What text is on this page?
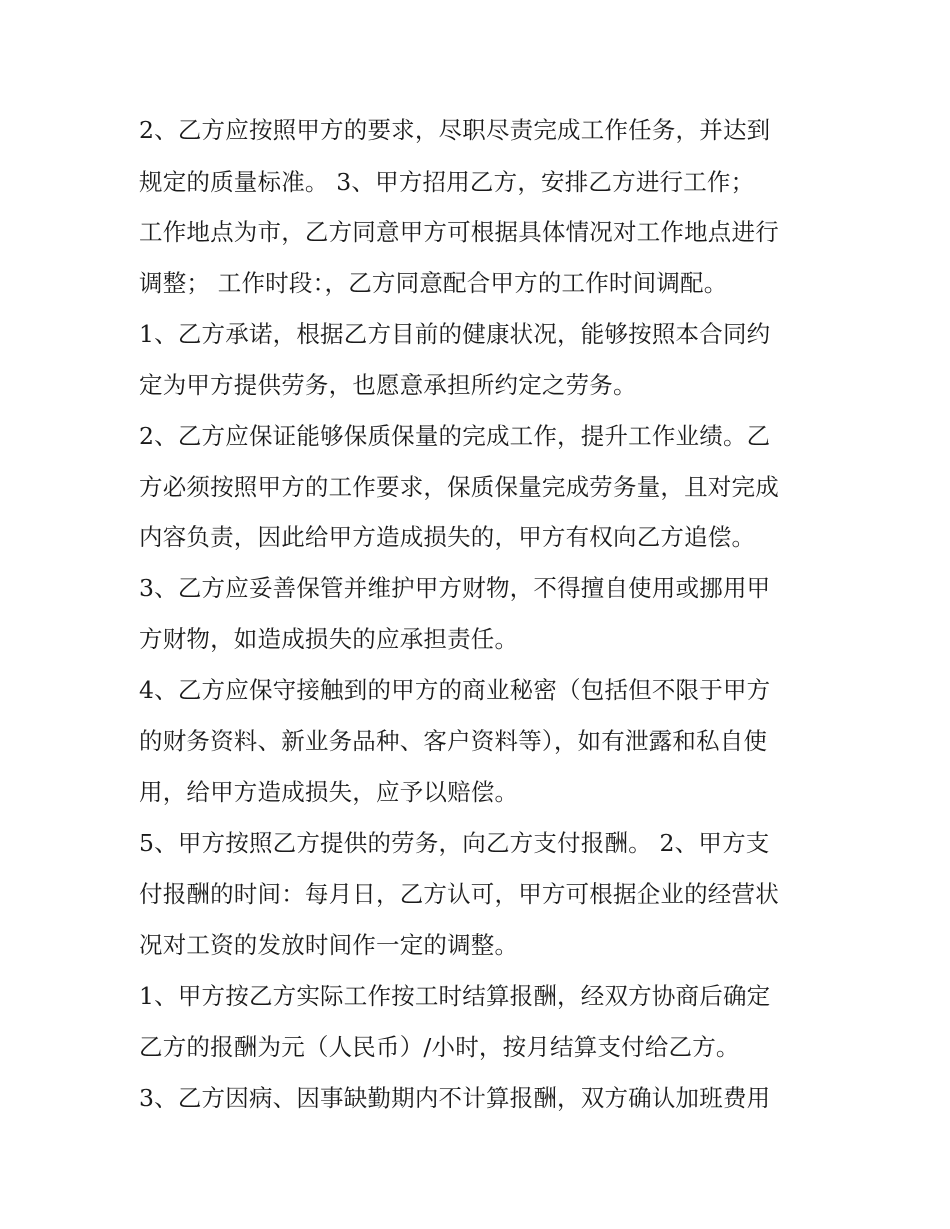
2、乙方应按照甲方的要求，尽职尽责完成工作任务，并达到
规定的质量标准。 3、甲方招用乙方，安排乙方进行工作；
工作地点为市，乙方同意甲方可根据具体情况对工作地点进行
调整； 工作时段：，乙方同意配合甲方的工作时间调配。
1、乙方承诺，根据乙方目前的健康状况，能够按照本合同约
定为甲方提供劳务，也愿意承担所约定之劳务。
2、乙方应保证能够保质保量的完成工作，提升工作业绩。乙
方必须按照甲方的工作要求，保质保量完成劳务量，且对完成
内容负责，因此给甲方造成损失的，甲方有权向乙方追偿。
3、乙方应妥善保管并维护甲方财物，不得擅自使用或挪用甲
方财物，如造成损失的应承担责任。
4、乙方应保守接触到的甲方的商业秘密（包括但不限于甲方
的财务资料、新业务品种、客户资料等），如有泄露和私自使
用，给甲方造成损失，应予以赔偿。
5、甲方按照乙方提供的劳务，向乙方支付报酬。 2、甲方支
付报酬的时间：每月日，乙方认可，甲方可根据企业的经营状
况对工资的发放时间作一定的调整。
1、甲方按乙方实际工作按工时结算报酬，经双方协商后确定
乙方的报酬为元（人民币）/小时，按月结算支付给乙方。
3、乙方因病、因事缺勤期内不计算报酬，双方确认加班费用
